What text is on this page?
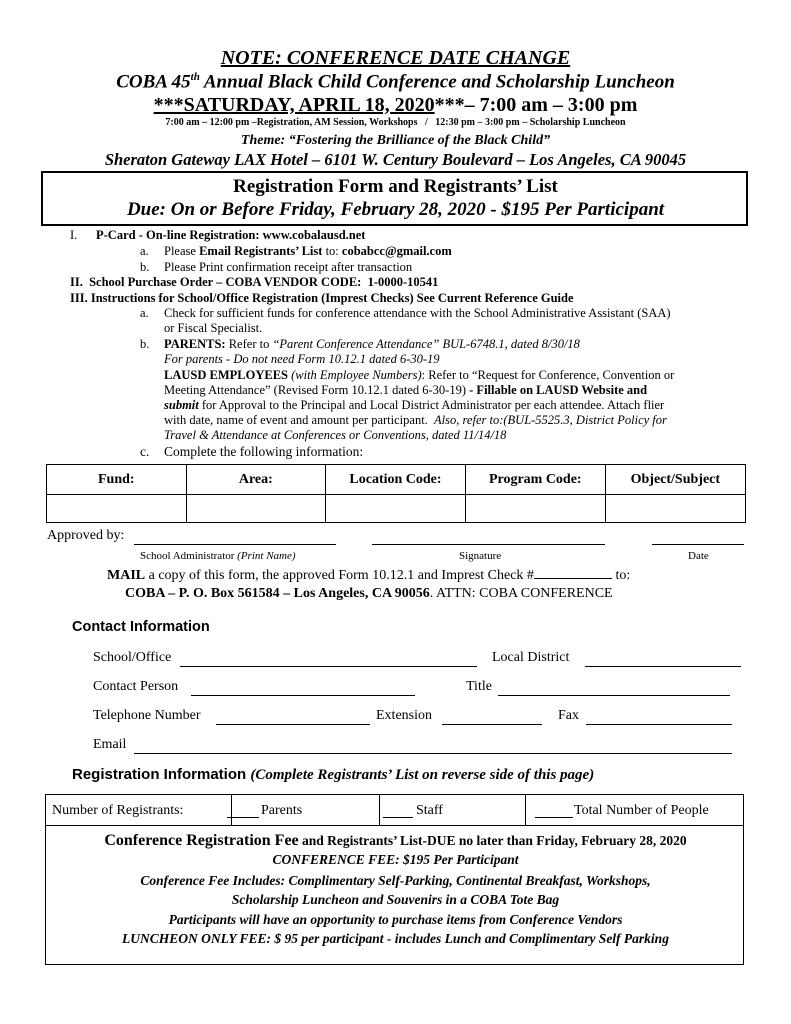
NOTE: CONFERENCE DATE CHANGE
COBA 45th Annual Black Child Conference and Scholarship Luncheon
***SATURDAY, APRIL 18, 2020***– 7:00 am – 3:00 pm
7:00 am – 12:00 pm –Registration, AM Session, Workshops   /   12:30 pm – 3:00 pm – Scholarship Luncheon
Theme: “Fostering the Brilliance of the Black Child”
Sheraton Gateway LAX Hotel – 6101 W. Century Boulevard – Los Angeles, CA 90045
Registration Form and Registrants’ List
Due: On or Before Friday, February 28, 2020 - $195 Per Participant
I. P-Card - On-line Registration: www.cobalausd.net
a. Please Email Registrants’ List to: cobabcc@gmail.com
b. Please Print confirmation receipt after transaction
II.  School Purchase Order – COBA VENDOR CODE:  1-0000-10541
III. Instructions for School/Office Registration (Imprest Checks) See Current Reference Guide
a. Check for sufficient funds for conference attendance with the School Administrative Assistant (SAA)
or Fiscal Specialist.
b. PARENTS: Refer to “Parent Conference Attendance” BUL-6748.1, dated 8/30/18
For parents - Do not need Form 10.12.1 dated 6-30-19
LAUSD EMPLOYEES (with Employee Numbers): Refer to “Request for Conference, Convention or
Meeting Attendance” (Revised Form 10.12.1 dated 6-30-19) - Fillable on LAUSD Website and
submit for Approval to the Principal and Local District Administrator per each attendee. Attach flier
with date, name of event and amount per participant.  Also, refer to:(BUL-5525.3, District Policy for
Travel & Attendance at Conferences or Conventions, dated 11/14/18
c. Complete the following information:
Fund:	Area:	Location Code:	Program Code:	Object/Subject

Approved by:
School Administrator (Print Name)	Signature	Date
MAIL a copy of this form, the approved Form 10.12.1 and Imprest Check #	to:
COBA – P. O. Box 561584 – Los Angeles, CA 90056. ATTN: COBA CONFERENCE
Contact Information
School/Office	Local District
Contact Person	Title
Telephone Number	Extension	Fax
Email
Registration Information (Complete Registrants’ List on reverse side of this page)
Number of Registrants:	Parents	Staff	Total Number of People
Conference Registration Fee and Registrants’ List-DUE no later than Friday, February 28, 2020
CONFERENCE FEE: $195 Per Participant
Conference Fee Includes: Complimentary Self-Parking, Continental Breakfast, Workshops,
Scholarship Luncheon and Souvenirs in a COBA Tote Bag
Participants will have an opportunity to purchase items from Conference Vendors
LUNCHEON ONLY FEE: $ 95 per participant - includes Lunch and Complimentary Self Parking
